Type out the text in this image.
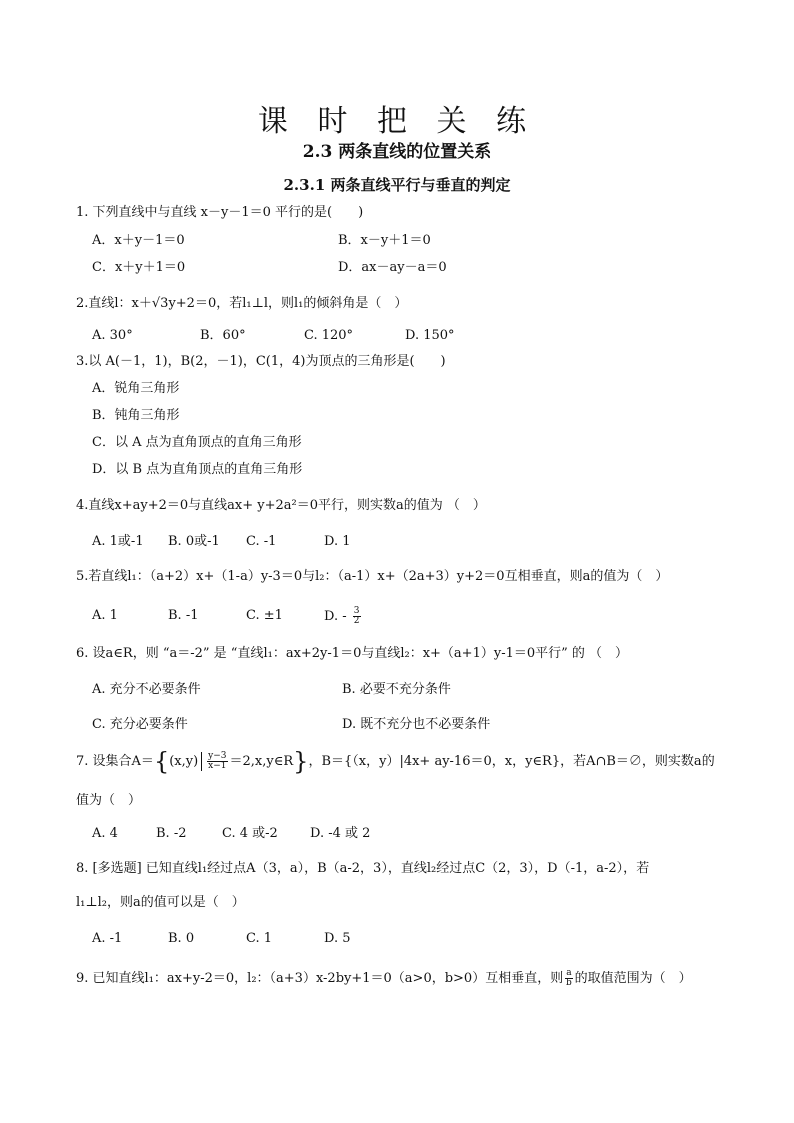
课 时 把 关 练
2.3 两条直线的位置关系
2.3.1 两条直线平行与垂直的判定
1. 下列直线中与直线 x－y－1＝0 平行的是(　　)
A．x＋y－1＝0	B．x－y＋1＝0
C．x＋y＋1＝0	D．ax－ay－a＝0
2.直线l：x＋√3y+2＝0，若l₁⊥l，则l₁的倾斜角是（　）
A. 30°	B．60°	C. 120°	D. 150°
3.以 A(－1，1)，B(2，－1)，C(1，4)为顶点的三角形是(　　)
A．锐角三角形
B．钝角三角形
C．以 A 点为直角顶点的直角三角形
D．以 B 点为直角顶点的直角三角形
4.直线x+ay+2＝0与直线ax+ y+2a²＝0平行，则实数a的值为 （　）
A. 1或-1 B. 0或-1 C. -1	D. 1
5.若直线l₁：（a+2）x+（1-a）y-3＝0与l₂：（a-1）x+（2a+3）y+2＝0互相垂直，则a的值为（　）
A. 1	B. -1	C. ±1	D. - $\frac{3}{2}$
6. 设a∈R，则 “a＝-2” 是 “直线l₁：ax+2y-1＝0与直线l₂：x+（a+1）y-1＝0平行” 的 （　）
A. 充分不必要条件	B. 必要不充分条件
C. 充分必要条件	D. 既不充分也不必要条件
7. 设集合$A=\{(x,y) \frac{y-3}{x-1}$ ＝2,x,y∈R}，B＝{（x，y）|4x+ ay-16＝0，x，y∈R}，若A∩B＝∅，则实数a的
值为（　）
A. 4	B. -2	C. 4 或-2 D. -4 或 2
8. [多选题] 已知直线l₁经过点A（3，a），B（a-2，3），直线l₂经过点C（2，3），D（-1，a-2），若
l₁⊥l₂，则a的值可以是（　）
A. -1	B. 0	C. 1	D. 5
9. 已知直线l₁：ax+y-2＝0，l₂：（a+3）x-2by+1＝0（a>0，b>0）互相垂直，则 $\frac{a}{b}$ 的取值范围为（　）
